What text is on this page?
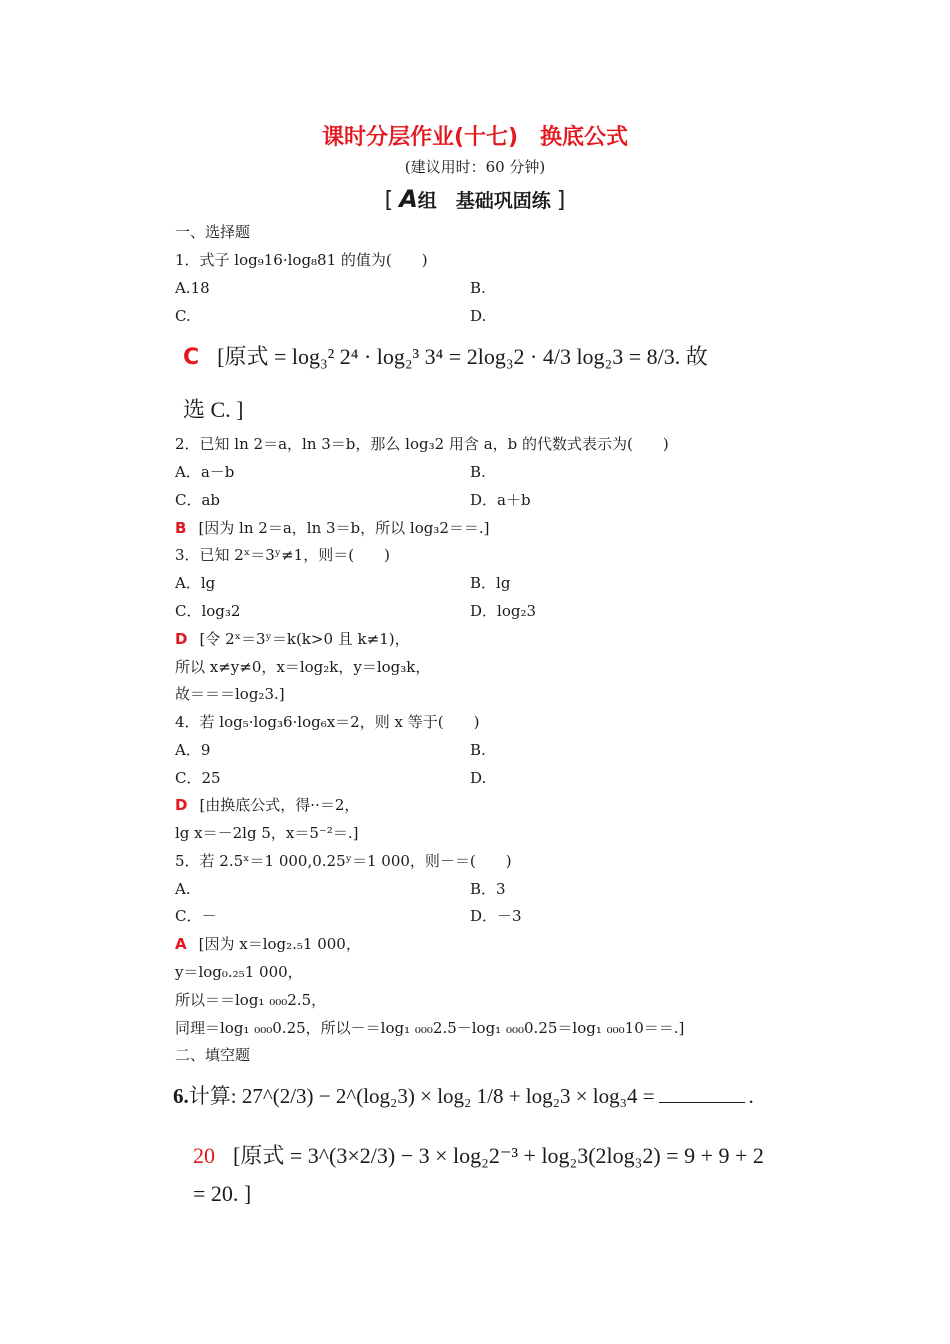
课时分层作业(十七)　换底公式
(建议用时：60 分钟)
[ A组　基础巩固练 ]
一、选择题
1．式子 log₉16·log₈81 的值为(　　)
A.18	B.
C.	D.
C [原式 = log₃² 2⁴ · log₂³ 3⁴ = 2log₃2 · 4/3 log₂3 = 8/3. 故
选 C. ]
2．已知 ln 2＝a，ln 3＝b，那么 log₃2 用含 a，b 的代数式表示为(　　)
A．a－b	B.
C．ab	D．a＋b
B [因为 ln 2＝a，ln 3＝b，所以 log₃2＝＝.]
3．已知 2ˣ＝3ʸ≠1，则＝(　　)
A．lg	B．lg
C．log₃2	D．log₂3
D [令 2ˣ＝3ʸ＝k(k>0 且 k≠1)，
所以 x≠y≠0，x＝log₂k，y＝log₃k，
故＝＝＝log₂3.]
4．若 log₅·log₃6·log₆x＝2，则 x 等于(　　)
A．9	B.
C．25	D.
D [由换底公式，得··＝2，
lg x＝－2lg 5，x＝5⁻²＝.]
5．若 2.5ˣ＝1 000,0.25ʸ＝1 000，则－＝(　　)
A.	B．3
C．－	D．－3
A [因为 x＝log₂.₅1 000，
y＝log₀.₂₅1 000，
所以＝＝log₁ ₀₀₀2.5，
同理＝log₁ ₀₀₀0.25，所以－＝log₁ ₀₀₀2.5－log₁ ₀₀₀0.25＝log₁ ₀₀₀10＝＝.]
二、填空题
6.计算: 27^(2/3) − 2^(log₂3) × log₂ 1/8 + log₂3 × log₃4 =	.
20 [原式 = 3^(3×2/3) − 3 × log₂2⁻³ + log₂3(2log₃2) = 9 + 9 + 2
= 20. ]
